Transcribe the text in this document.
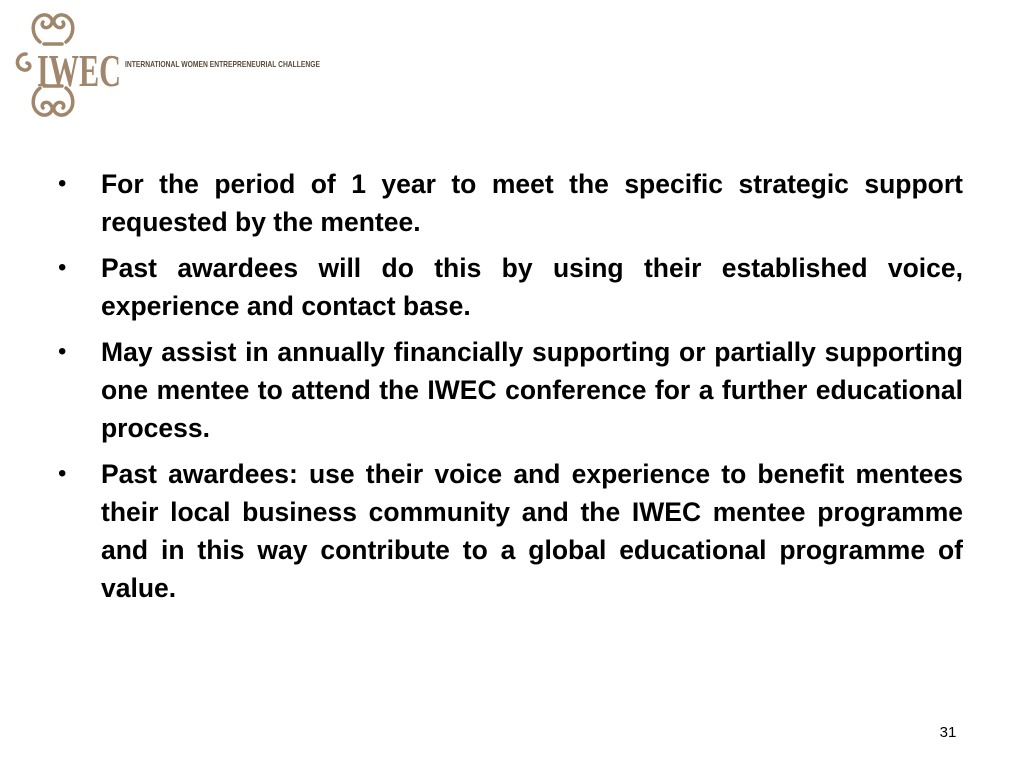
IWEC INTERNATIONAL WOMEN ENTREPRENEURIAL CHALLENGE
• For the period of 1 year to meet the specific strategic support requested by the mentee.
• Past awardees will do this by using their established voice, experience and contact base.
• May assist in annually financially supporting or partially supporting one mentee to attend the IWEC conference for a further educational process.
• Past awardees: use their voice and experience to benefit mentees their local business community and the IWEC mentee programme and in this way contribute to a global educational programme of value.
31
